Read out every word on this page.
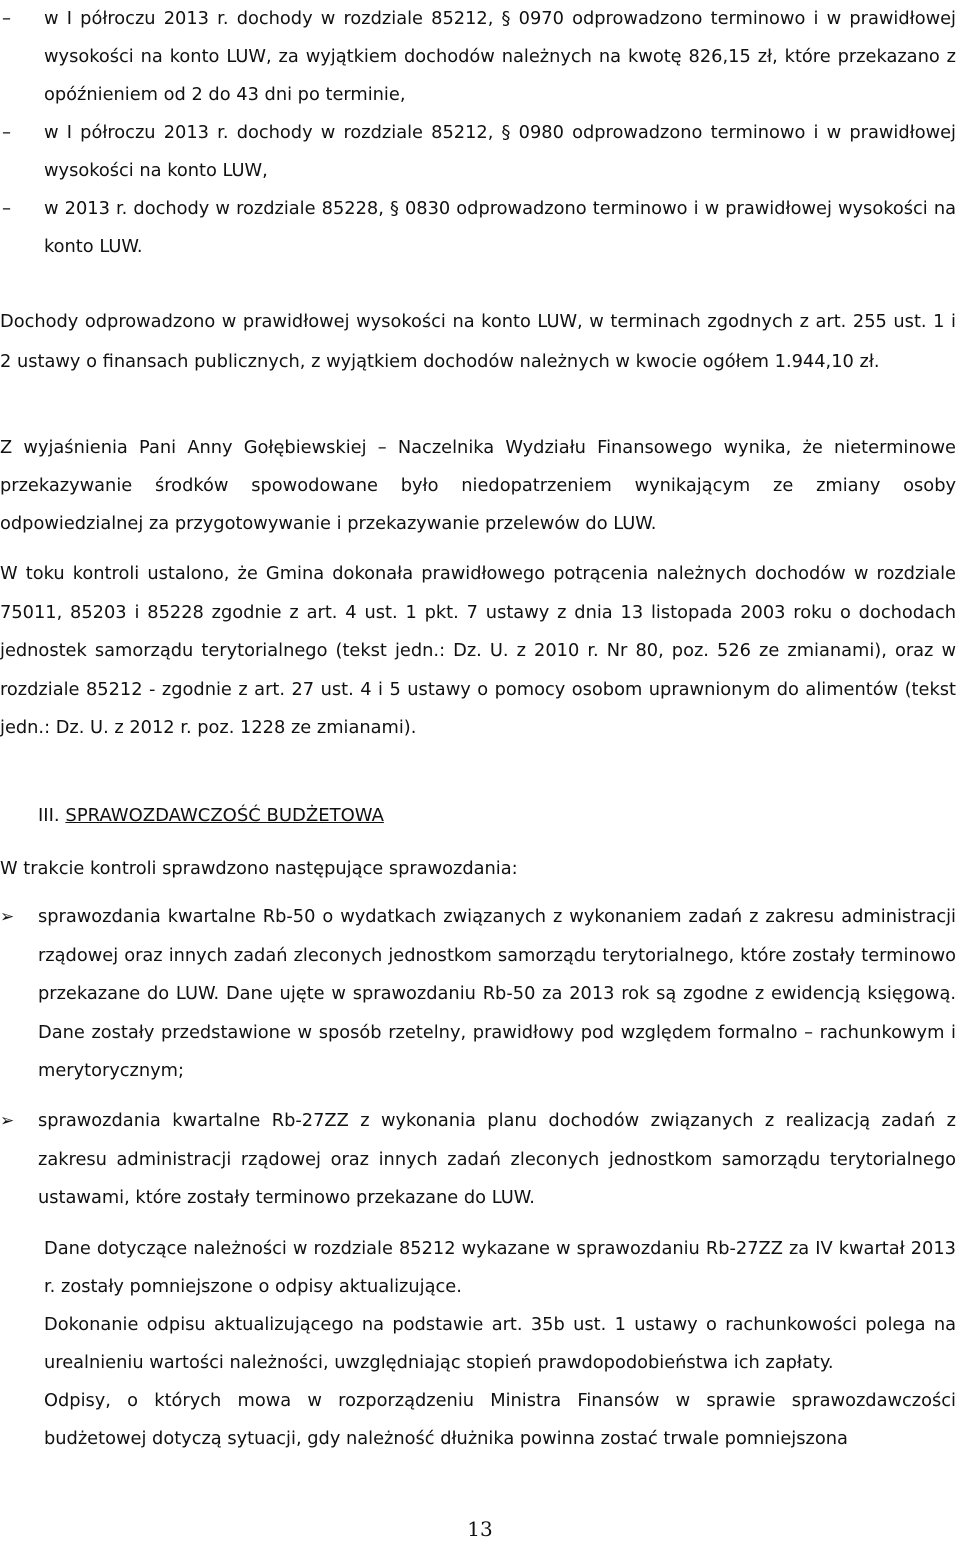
–	w I półroczu 2013 r. dochody w rozdziale 85212, § 0970 odprowadzono terminowo i w prawidłowej wysokości na konto LUW, za wyjątkiem dochodów należnych na kwotę 826,15 zł, które przekazano z opóźnieniem od 2 do 43 dni po terminie,
–	w I półroczu 2013 r. dochody w rozdziale 85212, § 0980 odprowadzono terminowo i w prawidłowej wysokości na konto LUW,
–	w 2013 r. dochody w rozdziale 85228, § 0830 odprowadzono terminowo i w prawidłowej wysokości na konto LUW.
Dochody odprowadzono w prawidłowej wysokości na konto LUW, w terminach zgodnych z art. 255 ust. 1 i 2 ustawy o finansach publicznych, z wyjątkiem dochodów należnych w kwocie ogółem 1.944,10 zł.
Z wyjaśnienia Pani Anny Gołębiewskiej – Naczelnika Wydziału Finansowego wynika, że nieterminowe przekazywanie środków spowodowane było niedopatrzeniem wynikającym ze zmiany osoby odpowiedzialnej za przygotowywanie i przekazywanie przelewów do LUW.
W toku kontroli ustalono, że Gmina dokonała prawidłowego potrącenia należnych dochodów w rozdziale 75011, 85203 i 85228 zgodnie z art. 4 ust. 1 pkt. 7 ustawy z dnia 13 listopada 2003 roku o dochodach jednostek samorządu terytorialnego (tekst jedn.: Dz. U. z 2010 r. Nr 80, poz. 526 ze zmianami), oraz w rozdziale 85212 - zgodnie z art. 27 ust. 4 i 5 ustawy o pomocy osobom uprawnionym do alimentów (tekst jedn.: Dz. U. z 2012 r. poz. 1228 ze zmianami).
III. SPRAWOZDAWCZOŚĆ BUDŻETOWA
W trakcie kontroli sprawdzono następujące sprawozdania:
➢	sprawozdania kwartalne Rb-50 o wydatkach związanych z wykonaniem zadań z zakresu administracji rządowej oraz innych zadań zleconych jednostkom samorządu terytorialnego, które zostały terminowo przekazane do LUW. Dane ujęte w sprawozdaniu Rb-50 za 2013 rok są zgodne z ewidencją księgową. Dane zostały przedstawione w sposób rzetelny, prawidłowy pod względem formalno – rachunkowym i merytorycznym;
➢	sprawozdania kwartalne Rb-27ZZ z wykonania planu dochodów związanych z realizacją zadań z zakresu administracji rządowej oraz innych zadań zleconych jednostkom samorządu terytorialnego ustawami, które zostały terminowo przekazane do LUW.
Dane dotyczące należności w rozdziale 85212 wykazane w sprawozdaniu Rb-27ZZ za IV kwartał 2013 r. zostały pomniejszone o odpisy aktualizujące.
Dokonanie odpisu aktualizującego na podstawie art. 35b ust. 1 ustawy o rachunkowości polega na urealnieniu wartości należności, uwzględniając stopień prawdopodobieństwa ich zapłaty.
Odpisy, o których mowa w rozporządzeniu Ministra Finansów w sprawie sprawozdawczości budżetowej dotyczą sytuacji, gdy należność dłużnika powinna zostać trwale pomniejszona
13
